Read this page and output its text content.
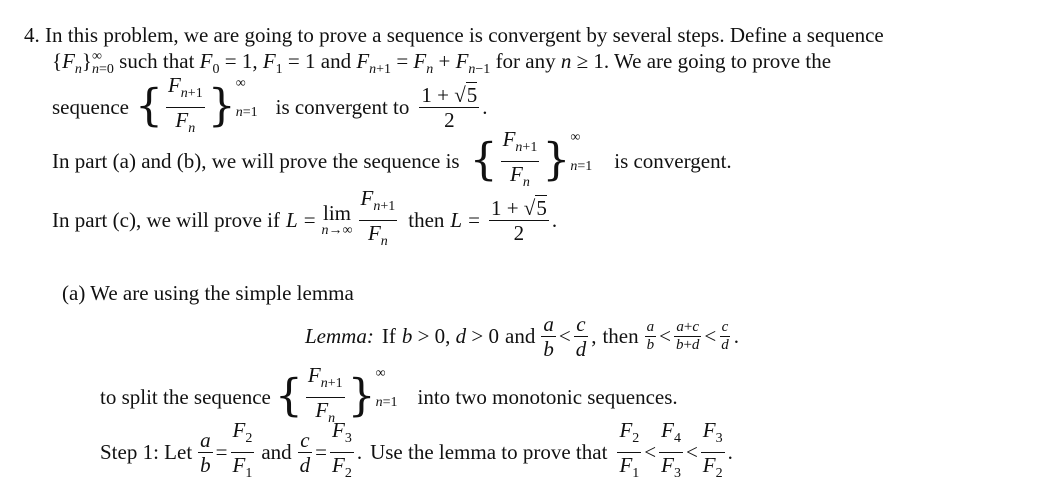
4. In this problem, we are going to prove a sequence is convergent by several steps. Define a sequence
$\{F_n\}$ ∞
n=0 such that $F_0 = 1$, $F_1 = 1$ and $F_{n+1} = F_n + F_{n-1}$ for any n ≥ 1. We are going to prove the
sequence { $\frac{F_{n+1}}{F_n}$ } ∞
n=1 is convergent to $\frac{1 + √5}{2}$ .
In part (a) and (b), we will prove the sequence is { $\frac{F_{n+1}}{F_n}$ } ∞
n=1 is convergent.
In part (c), we will prove if L = lim
$n\to\infty \frac{F_{n+1}}{F_n}$ then $L = \frac{1 + √5}{2}$ .
(a) We are using the simple lemma
Lemma: If b > 0, d > 0 and $\frac{a}{b} < \frac{c}{d}$ , then $\frac{a}{b} < \frac{a+c}{b+d} < \frac{c}{d}$ .
to split the sequence { $\frac{F_{n+1}}{F_n}$ } ∞
n=1 into two monotonic sequences.
Step 1: Let $\frac{a}{b} = \frac{F_2}{F_1}$ and $\frac{c}{d} = \frac{F_3}{F_2}$ . Use the lemma to prove that $\frac{F_2}{F_1} < \frac{F_4}{F_3} < \frac{F_3}{F_2}$ .
